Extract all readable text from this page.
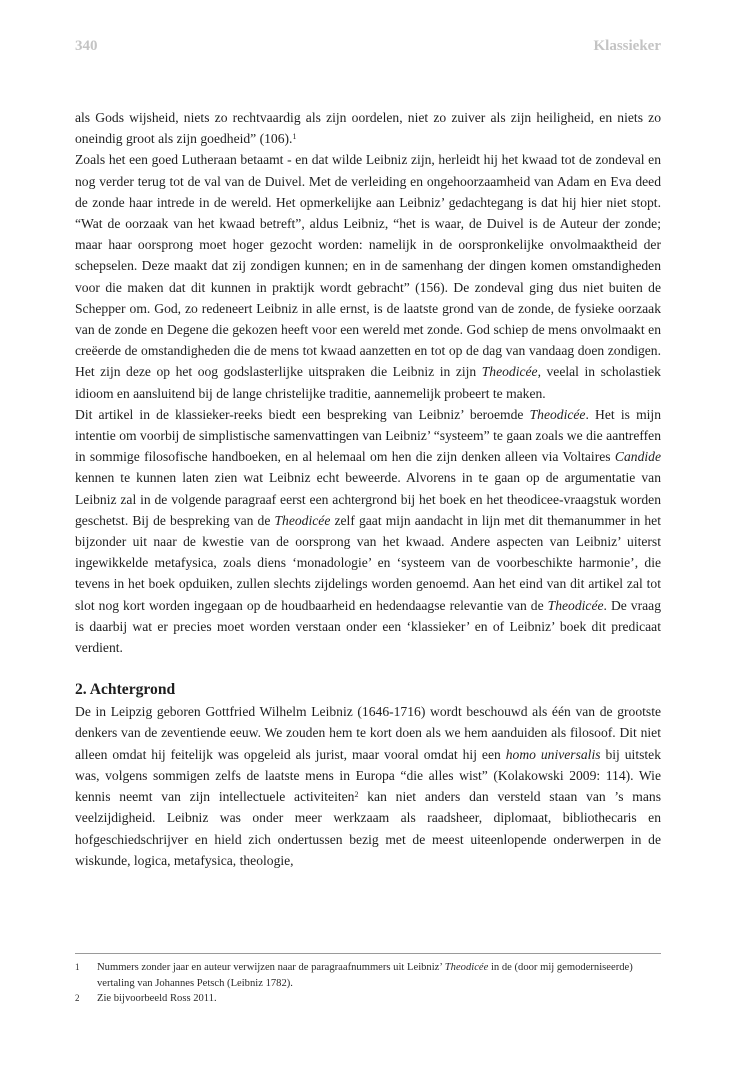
340	Klassieker

als Gods wijsheid, niets zo rechtvaardig als zijn oordelen, niet zo zuiver als zijn heiligheid, en niets zo oneindig groot als zijn goedheid” (106).$^1$

Zoals het een goed Lutheraan betaamt - en dat wilde Leibniz zijn, herleidt hij het kwaad tot de zondeval en nog verder terug tot de val van de Duivel. Met de verleiding en ongehoorzaamheid van Adam en Eva deed de zonde haar intrede in de wereld. Het opmerkelijke aan Leibniz’ gedachtegang is dat hij hier niet stopt. “Wat de oorzaak van het kwaad betreft”, aldus Leibniz, “het is waar, de Duivel is de Auteur der zonde; maar haar oorsprong moet hoger gezocht worden: namelijk in de oorspronkelijke onvolmaaktheid der schepselen. Deze maakt dat zij zondigen kunnen; en in de samenhang der dingen komen omstandigheden voor die maken dat dit kunnen in praktijk wordt gebracht” (156). De zondeval ging dus niet buiten de Schepper om. God, zo redeneert Leibniz in alle ernst, is de laatste grond van de zonde, de fysieke oorzaak van de zonde en Degene die gekozen heeft voor een wereld met zonde. God schiep de mens onvolmaakt en creëerde de omstandigheden die de mens tot kwaad aanzetten en tot op de dag van vandaag doen zondigen. Het zijn deze op het oog godslasterlijke uitspraken die Leibniz in zijn Theodicée, veelal in scholastiek idioom en aansluitend bij de lange christelijke traditie, aannemelijk probeert te maken.

Dit artikel in de klassieker-reeks biedt een bespreking van Leibniz’ beroemde Theodicée. Het is mijn intentie om voorbij de simplistische samenvattingen van Leibniz’ “systeem” te gaan zoals we die aantreffen in sommige filosofische handboeken, en al helemaal om hen die zijn denken alleen via Voltaires Candide kennen te kunnen laten zien wat Leibniz echt beweerde. Alvorens in te gaan op de argumentatie van Leibniz zal in de volgende paragraaf eerst een achtergrond bij het boek en het theodicee-vraagstuk worden geschetst. Bij de bespreking van de Theodicée zelf gaat mijn aandacht in lijn met dit themanummer in het bijzonder uit naar de kwestie van de oorsprong van het kwaad. Andere aspecten van Leibniz’ uiterst ingewikkelde metafysica, zoals diens ‘monadologie’ en ‘systeem van de voorbeschikte harmonie’, die tevens in het boek opduiken, zullen slechts zijdelings worden genoemd. Aan het eind van dit artikel zal tot slot nog kort worden ingegaan op de houdbaarheid en hedendaagse relevantie van de Theodicée. De vraag is daarbij wat er precies moet worden verstaan onder een ‘klassieker’ en of Leibniz’ boek dit predicaat verdient.

2. Achtergrond

De in Leipzig geboren Gottfried Wilhelm Leibniz (1646-1716) wordt beschouwd als één van de grootste denkers van de zeventiende eeuw. We zouden hem te kort doen als we hem aanduiden als filosoof. Dit niet alleen omdat hij feitelijk was opgeleid als jurist, maar vooral omdat hij een homo universalis bij uitstek was, volgens sommigen zelfs de laatste mens in Europa “die alles wist” (Kolakowski 2009: 114). Wie kennis neemt van zijn intellectuele activiteiten$^2$ kan niet anders dan versteld staan van ’s mans veelzijdigheid. Leibniz was onder meer werkzaam als raadsheer, diplomaat, bibliothecaris en hofgeschiedschrijver en hield zich ondertussen bezig met de meest uiteenlopende onderwerpen in de wiskunde, logica, metafysica, theologie,

1 Nummers zonder jaar en auteur verwijzen naar de paragraafnummers uit Leibniz’ Theodicée in de (door mij gemoderniseerde) vertaling van Johannes Petsch (Leibniz 1782).
2 Zie bijvoorbeeld Ross 2011.
